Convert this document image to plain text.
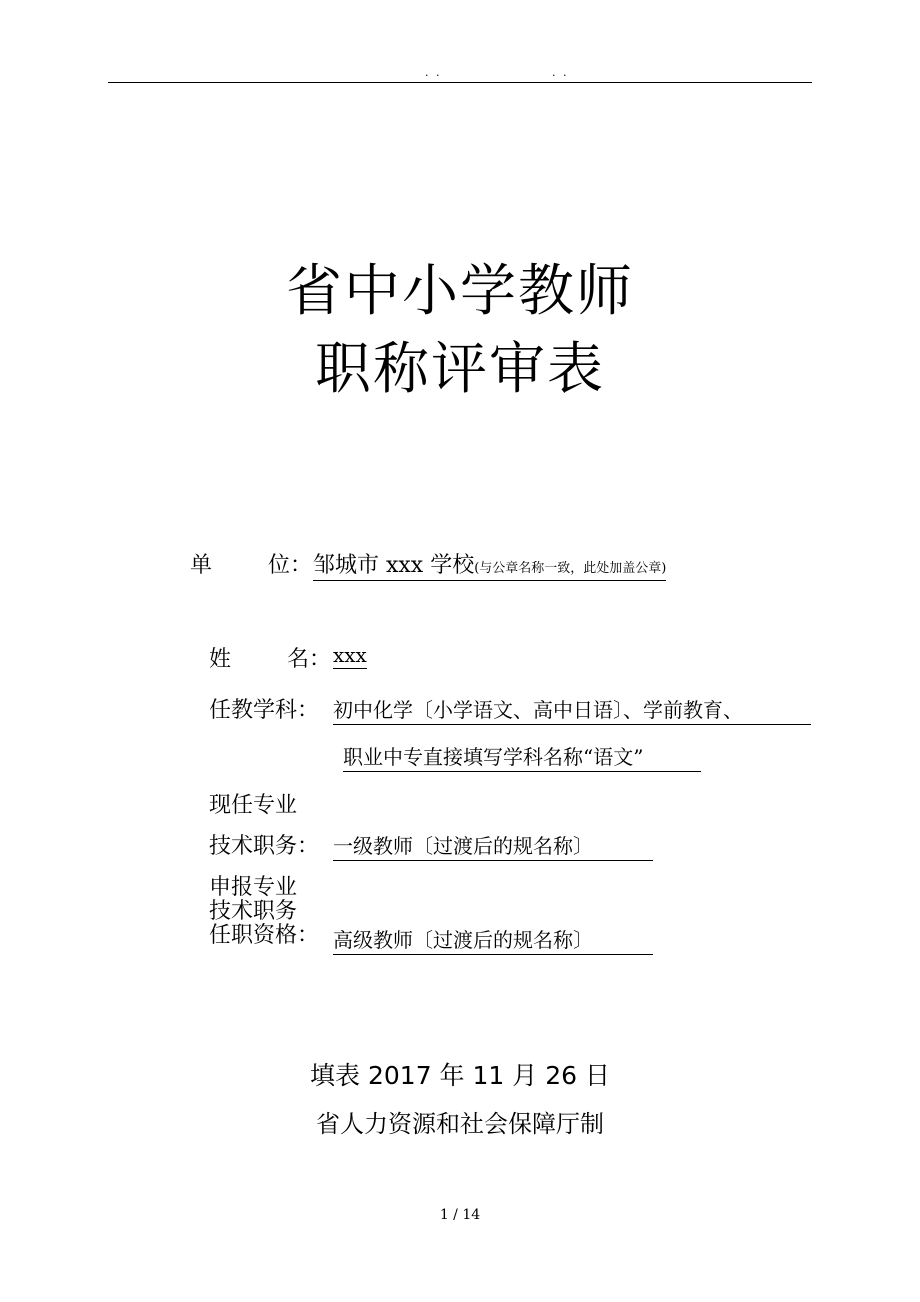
. .	. .
省中小学教师
职称评审表
单        位： 邹城市 xxx 学校(与公章名称一致，此处加盖公章)
姓        名： xxx
任教学科： 初中化学〔小学语文、高中日语〕、学前教育、
职业中专直接填写学科名称“语文”
现任专业
技术职务： 一级教师〔过渡后的规名称〕
申报专业
技术职务
任职资格： 高级教师〔过渡后的规名称〕
填表 2017 年 11 月 26 日
省人力资源和社会保障厅制
1 / 14
